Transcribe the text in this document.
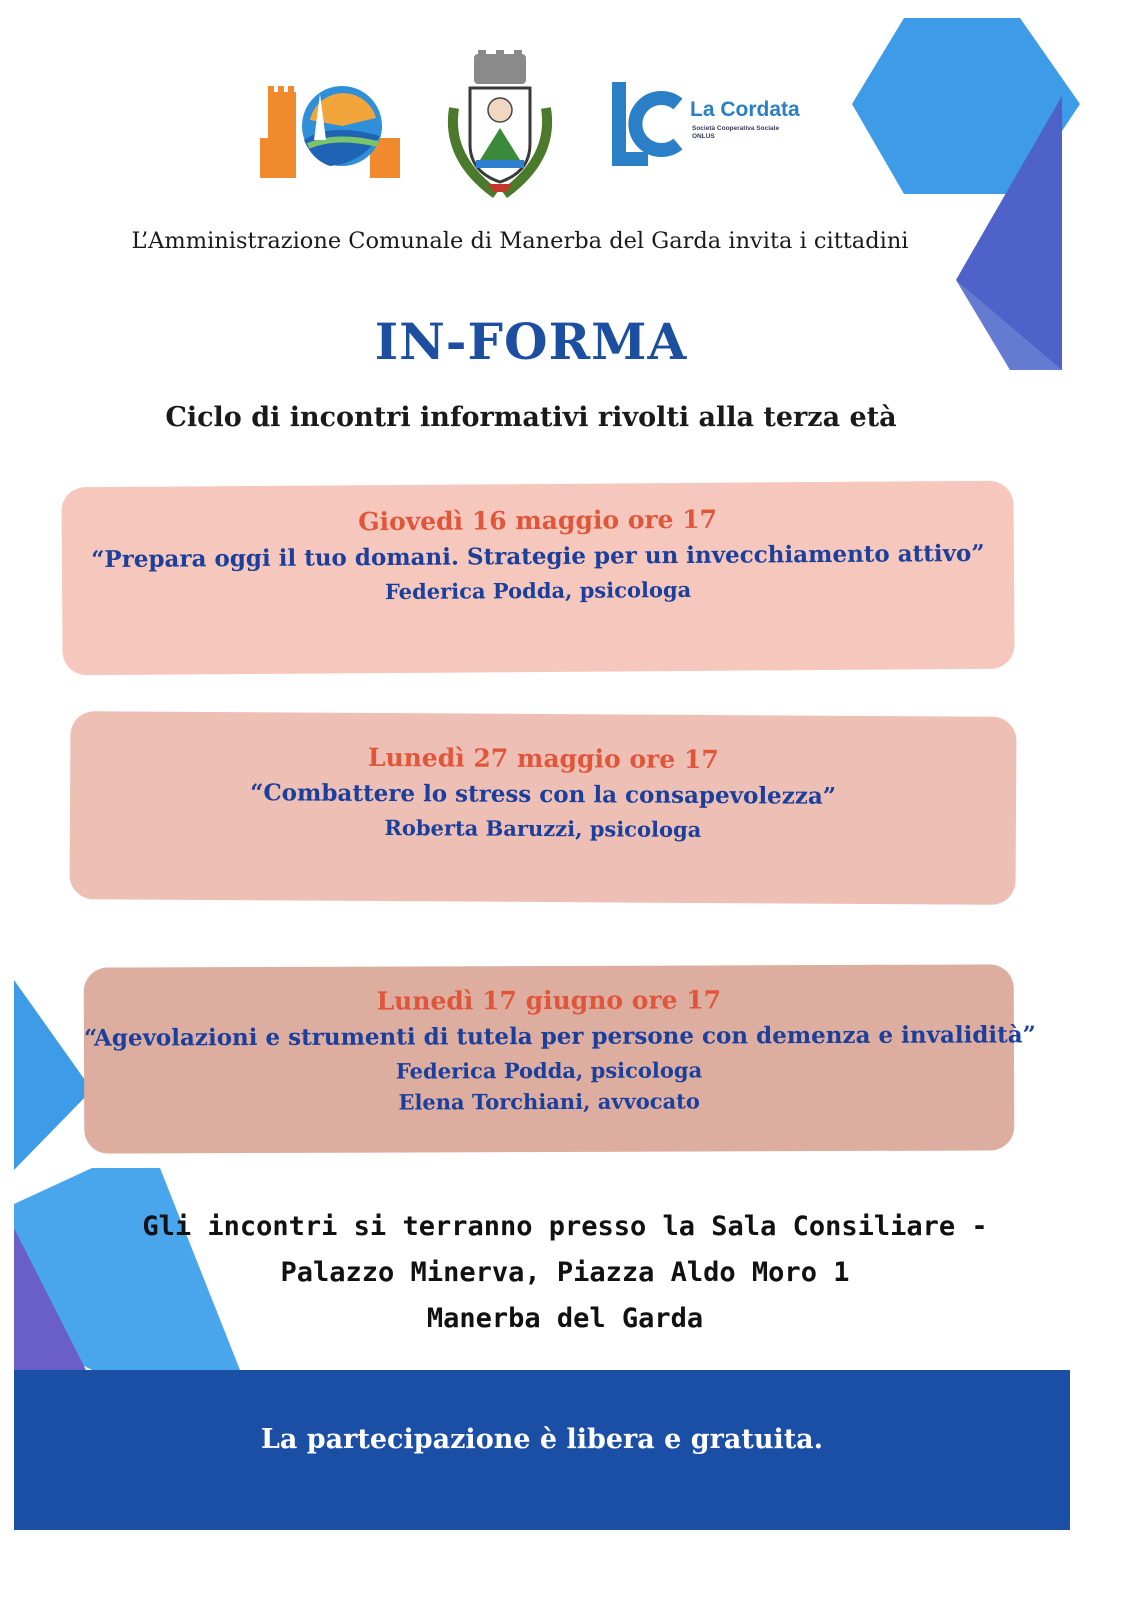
La Cordata
Società Cooperativa Sociale
ONLUS
L’Amministrazione Comunale di Manerba del Garda invita i cittadini
IN-FORMA
Ciclo di incontri informativi rivolti alla terza età
Giovedì 16 maggio ore 17
“Prepara oggi il tuo domani. Strategie per un invecchiamento attivo”
Federica Podda, psicologa
Lunedì 27 maggio ore 17
“Combattere lo stress con la consapevolezza”
Roberta Baruzzi, psicologa
Lunedì 17 giugno ore 17
“Agevolazioni e strumenti di tutela per persone con demenza e invalidità”
Federica Podda, psicologa
Elena Torchiani, avvocato
Gli incontri si terranno presso la Sala Consiliare -
Palazzo Minerva, Piazza Aldo Moro 1
Manerba del Garda
La partecipazione è libera e gratuita.
